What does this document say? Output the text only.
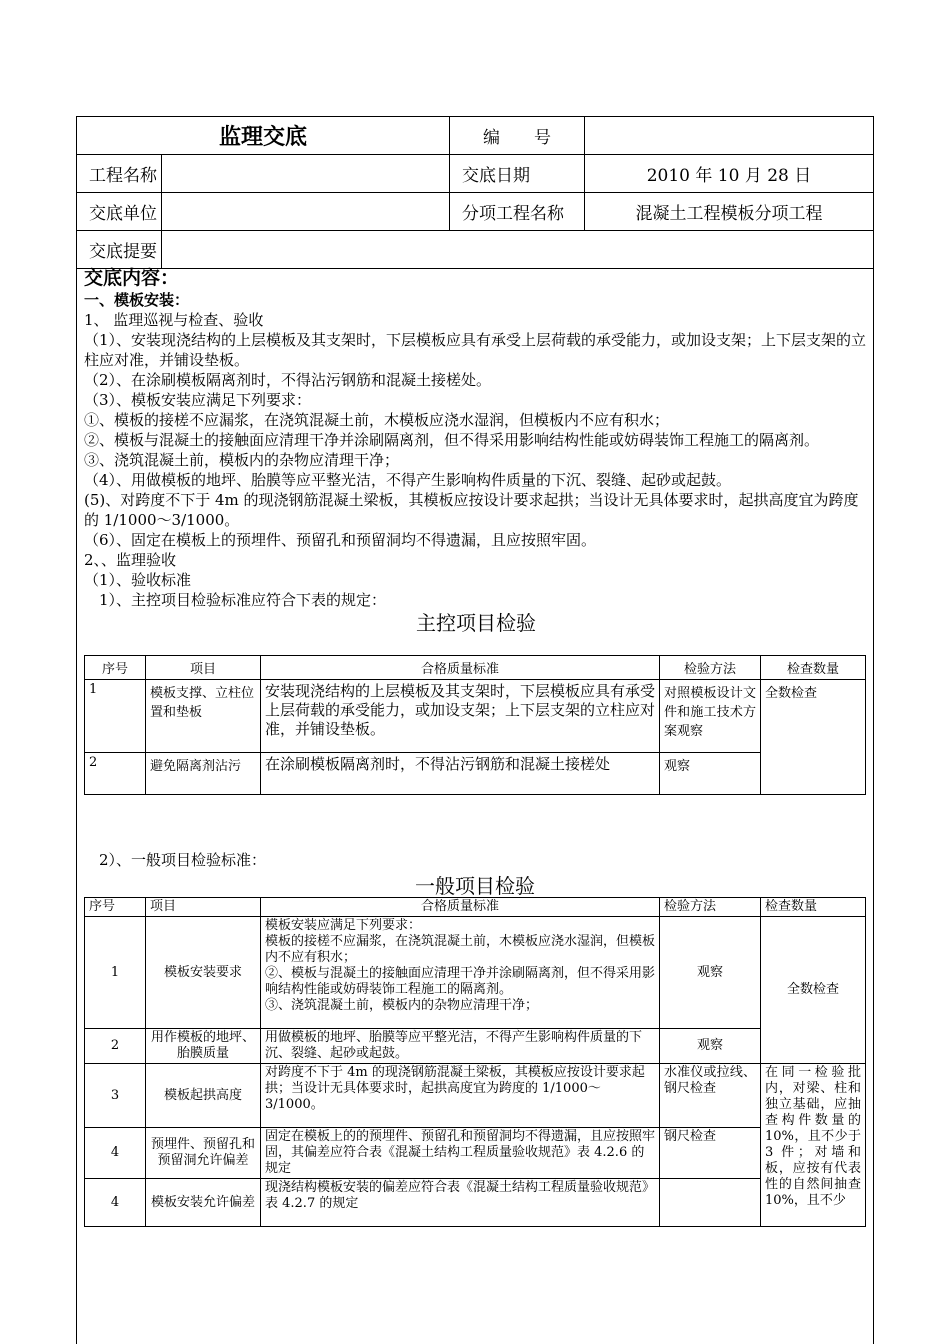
监理交底		编　　号	
工程名称		交底日期	2010 年 10 月 28 日
交底单位		分项工程名称	混凝土工程模板分项工程
交底提要			

交底内容：

一、模板安装：

1、 监理巡视与检查、验收

（1）、安装现浇结构的上层模板及其支架时，下层模板应具有承受上层荷载的承受能力，或加设支架；上下层支架的立柱应对准，并铺设垫板。

（2）、在涂刷模板隔离剂时，不得沾污钢筋和混凝土接槎处。

（3）、模板安装应满足下列要求：

①、模板的接槎不应漏浆，在浇筑混凝土前，木模板应浇水湿润，但模板内不应有积水；

②、模板与混凝土的接触面应清理干净并涂刷隔离剂，但不得采用影响结构性能或妨碍装饰工程施工的隔离剂。

③、浇筑混凝土前，模板内的杂物应清理干净；

（4）、用做模板的地坪、胎膜等应平整光洁，不得产生影响构件质量的下沉、裂缝、起砂或起鼓。

(5)、对跨度不下于 4m 的现浇钢筋混凝土梁板，其模板应按设计要求起拱；当设计无具体要求时，起拱高度宜为跨度的 1/1000～3/1000。

（6）、固定在模板上的预埋件、预留孔和预留洞均不得遗漏，且应按照牢固。

2、、监理验收

（1）、验收标准

　1）、主控项目检验标准应符合下表的规定：

主控项目检验

序号	项目	合格质量标准	检验方法	检查数量
1	模板支撑、立柱位置和垫板	安装现浇结构的上层模板及其支架时，下层模板应具有承受上层荷载的承受能力，或加设支架；上下层支架的立柱应对准，并铺设垫板。	对照模板设计文件和施工技术方案观察	全数检查
2	避免隔离剂沾污	在涂刷模板隔离剂时，不得沾污钢筋和混凝土接槎处	观察	

　2）、一般项目检验标准：

一般项目检验

序号	项目	合格质量标准	检验方法	检查数量
1	模板安装要求	模板安装应满足下列要求：
模板的接槎不应漏浆，在浇筑混凝土前，木模板应浇水湿润，但模板内不应有积水；
②、模板与混凝土的接触面应清理干净并涂刷隔离剂，但不得采用影响结构性能或妨碍装饰工程施工的隔离剂。
③、浇筑混凝土前，模板内的杂物应清理干净；	观察	全数检查
2	用作模板的地坪、胎膜质量	用做模板的地坪、胎膜等应平整光洁，不得产生影响构件质量的下沉、裂缝、起砂或起鼓。	观察	
3	模板起拱高度	对跨度不下于 4m 的现浇钢筋混凝土梁板，其模板应按设计要求起拱；当设计无具体要求时，起拱高度宜为跨度的 1/1000～3/1000。	水准仪或拉线、钢尺检查	在同一检验批内，对梁、柱和独立基础，应抽查构件数量的 10%，且不少于 3 件；对墙和板，应按有代表性的自然间抽查 10%，且不少
4	预埋件、预留孔和预留洞允许偏差	固定在模板上的的预埋件、预留孔和预留洞均不得遗漏，且应按照牢固，其偏差应符合表《混凝土结构工程质量验收规范》表 4.2.6 的规定	钢尺检查	
4	模板安装允许偏差	现浇结构模板安装的偏差应符合表《混凝土结构工程质量验收规范》表 4.2.7 的规定		
